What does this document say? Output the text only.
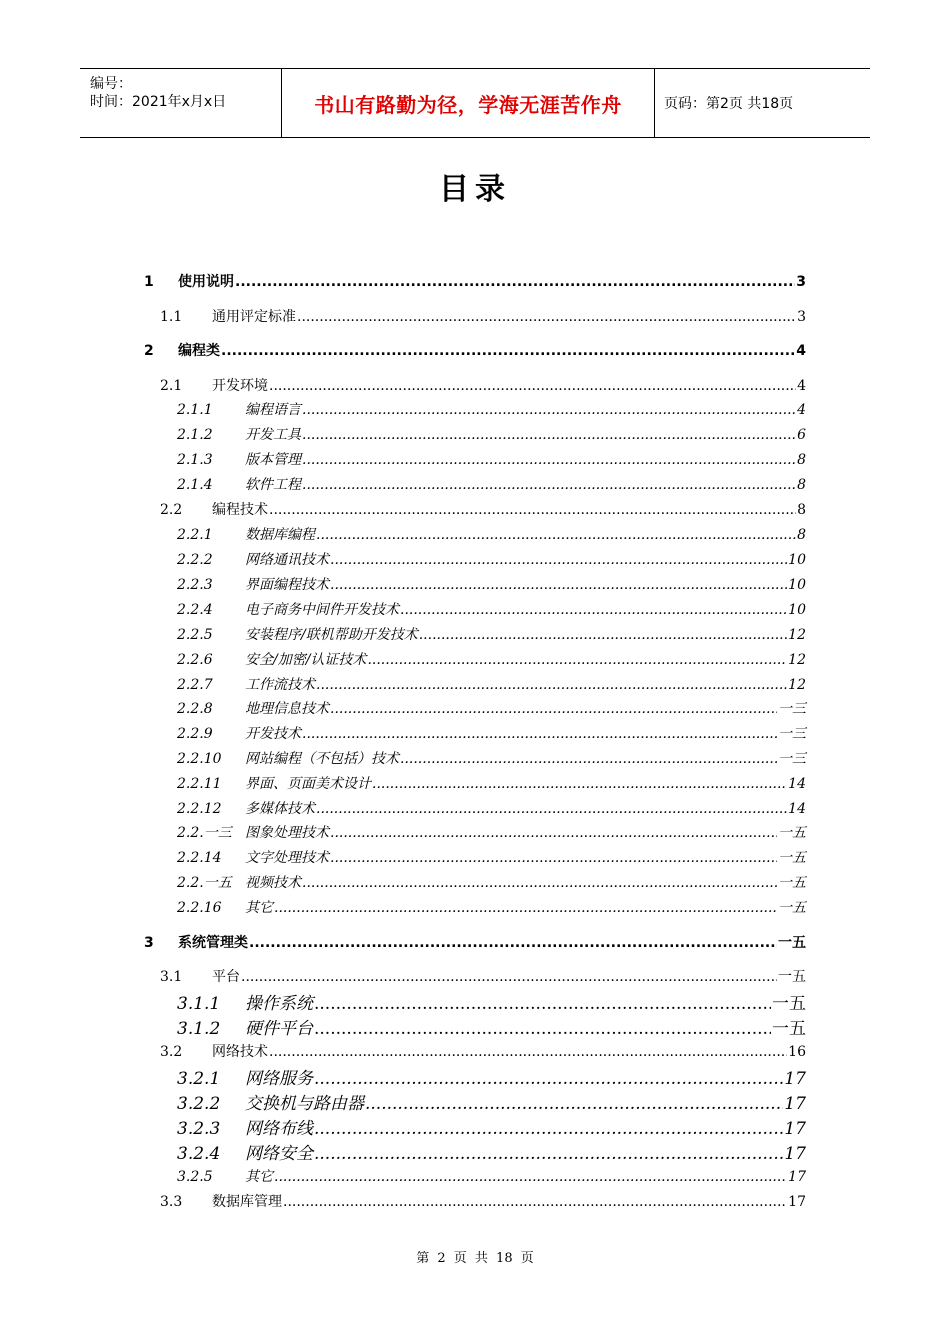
编号：
时间：2021年x月x日	书山有路勤为径，学海无涯苦作舟	页码：第2页 共18页
目录
1	使用说明 .....	3
1.1	通用评定标准 .....	3
2	编程类 .....	4
2.1	开发环境 .....	4
2.1.1	编程语言 .....	4
2.1.2	开发工具 .....	6
2.1.3	版本管理 .....	8
2.1.4	软件工程 .....	8
2.2	编程技术 .....	8
2.2.1	数据库编程 .....	8
2.2.2	网络通讯技术 .....	10
2.2.3	界面编程技术 .....	10
2.2.4	电子商务中间件开发技术 .....	10
2.2.5	安装程序/联机帮助开发技术 .....	12
2.2.6	安全/加密/认证技术 .....	12
2.2.7	工作流技术 .....	12
2.2.8	地理信息技术 .....	一三
2.2.9	开发技术 .....	一三
2.2.10	网站编程（不包括）技术 .....	一三
2.2.11	界面、页面美术设计 .....	14
2.2.12	多媒体技术 .....	14
2.2.一三 图象处理技术 .....	一五
2.2.14	文字处理技术 .....	一五
2.2.一五 视频技术 .....	一五
2.2.16	其它 .....	一五
3	系统管理类 .....	一五
3.1	平台 .....	一五
3.1.1	操作系统 .....	一五
3.1.2	硬件平台 .....	一五
3.2	网络技术 .....	16
3.2.1	网络服务 .....	17
3.2.2	交换机与路由器 .....	17
3.2.3	网络布线 .....	17
3.2.4	网络安全 .....	17
3.2.5	其它 .....	17
3.3	数据库管理 .....	17
第 2 页 共 18 页
